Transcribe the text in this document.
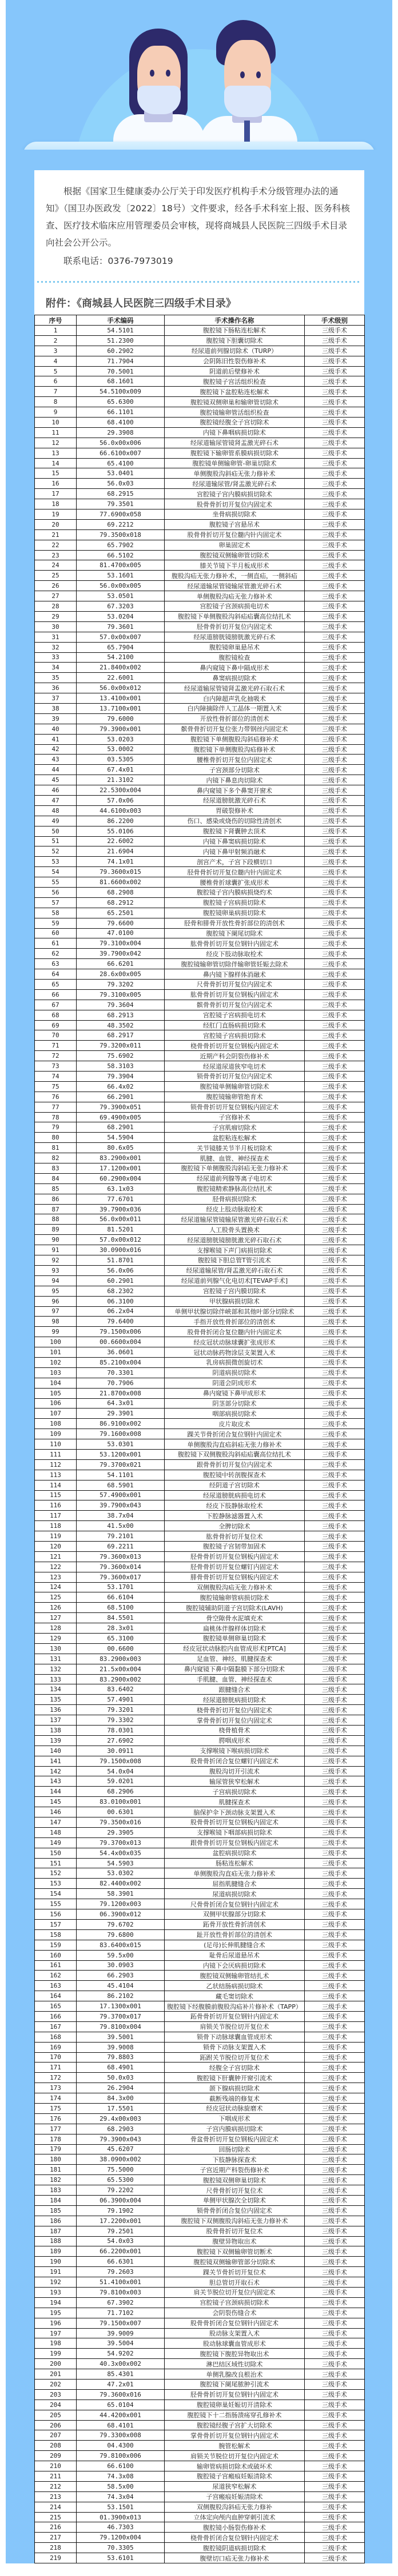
根据《国家卫生健康委办公厅关于印发医疗机构手术分级管理办法的通知》（国卫办医政发〔2022〕18号）文件要求，经各手术科室上报、医务科核查、医疗技术临床应用管理委员会审核，现将商城县人民医院三四级手术目录向社会公开公示。

联系电话：0376-7973019

附件：《商城县人民医院三四级手术目录》
序号	手术编码	手术操作名称	手术级别
1	54.5101	腹腔镜下肠粘连松解术	三级手术
2	51.2300	腹腔镜下胆囊切除术	三级手术
3	60.2902	经尿道前列腺切除术（TURP）	三级手术
4	71.7904	会阴陈旧性裂伤修补术	三级手术
5	70.5001	阴道前后壁修补术	三级手术
6	68.1601	腹腔镜子宫活组织检查	三级手术
7	54.5100x009	腹腔镜下盆腔粘连松解术	三级手术
8	65.6300	腹腔镜双侧卵巢和输卵管切除术	三级手术
9	66.1101	腹腔镜输卵管活组织检查	三级手术
10	68.4100	腹腔镜经腹全子宫切除术	三级手术
11	29.3908	内镜下鼻咽病损切除术	三级手术
12	56.0x00x006	经尿道输尿管镜肾盂激光碎石术	三级手术
13	66.6100x007	腹腔镜下输卵管系膜病损切除术	三级手术
14	65.4100	腹腔镜单侧输卵管-卵巢切除术	三级手术
15	53.0401	单侧腹股沟斜疝无张力修补术	三级手术
16	56.0x03	经尿道输尿管/肾盂激光碎石术	三级手术
17	68.2915	宫腔镜子宫内膜病损切除术	三级手术
18	79.3501	股骨骨折切开复位内固定术	三级手术
19	77.6900x058	坐骨病损切除术	三级手术
20	69.2212	腹腔镜子宫悬吊术	三级手术
21	79.3500x018	股骨骨折切开复位髓内针内固定术	三级手术
22	65.7902	卵巢固定术	三级手术
23	66.5102	腹腔镜双侧输卵管切除术	三级手术
24	81.4700x005	膝关节镜下半月板成形术	三级手术
25	53.1601	腹股沟疝无张力修补术，一侧直疝，一侧斜疝	三级手术
26	56.0x00x005	经尿道输尿管镜输尿管激光碎石术	三级手术
27	53.0501	单侧腹股沟疝无张力修补术	三级手术
28	67.3203	宫腔镜子宫颈病损电切术	三级手术
29	53.0204	腹腔镜下单侧腹股沟斜疝疝囊高位结扎术	三级手术
30	79.3601	胫骨骨折切开复位内固定术	三级手术
31	57.0x00x007	经尿道膀胱镜膀胱激光碎石术	三级手术
32	65.7904	腹腔镜卵巢悬吊术	三级手术
33	54.2100	腹腔镜检查	三级手术
34	21.8400x002	鼻内窥镜下鼻中隔成形术	三级手术
35	22.6001	鼻窦病损切除术	三级手术
36	56.0x00x012	经尿道输尿管镜肾盂激光碎石取石术	三级手术
37	13.4100x001	白内障超声乳化抽吸术	三级手术
38	13.7100x001	白内障摘除伴人工晶体一期置入术	三级手术
39	79.6000	开放性骨折部位的清创术	三级手术
40	79.3900x001	髌骨骨折切开复位张力带钢丝内固定术	三级手术
41	53.0203	腹腔镜下单侧腹股沟斜疝修补术	三级手术
42	53.0002	腹腔镜下单侧腹股沟疝修补术	三级手术
43	03.5305	腰椎骨折切开复位内固定术	三级手术
44	67.4x01	子宫颈部分切除术	三级手术
45	21.3102	内镜下鼻息肉切除术	三级手术
46	22.5300x004	鼻内窥镜下多个鼻窦开窗术	三级手术
47	57.0x06	经尿道膀胱激光碎石术	三级手术
48	44.6100x003	胃破裂修补术	三级手术
49	86.2200	伤口、感染或烧伤的切除性清创术	三级手术
50	55.0106	腹腔镜下肾囊肿去顶术	三级手术
51	22.6002	内镜下鼻窦病损切除术	三级手术
52	21.6904	内镜下鼻甲射频消融术	三级手术
53	74.1x01	剖宫产术，子宫下段横切口	三级手术
54	79.3600x015	胫骨骨折切开复位髓内针内固定术	三级手术
55	81.6600x002	腰椎骨折球囊扩张成形术	三级手术
56	68.2908	腹腔镜子宫内膜病损烧灼术	三级手术
57	68.2912	腹腔镜子宫病损切除术	三级手术
58	65.2501	腹腔镜卵巢病损切除术	三级手术
59	79.6600	胫骨和腓骨开放性骨折部位的清创术	三级手术
60	47.0100	腹腔镜下阑尾切除术	三级手术
61	79.3100x004	肱骨骨折切开复位钢针内固定术	三级手术
62	39.7900x042	经皮下肢动脉取栓术	三级手术
63	66.6201	腹腔镜输卵管切除伴输卵管妊娠去除术	三级手术
64	28.6x00x005	鼻内镜下腺样体消融术	三级手术
65	79.3202	尺骨骨折切开复位内固定术	三级手术
66	79.3100x005	肱骨骨折切开复位钢板内固定术	三级手术
67	79.3604	髌骨骨折切开复位内固定术	三级手术
68	68.2913	宫腔镜子宫病损电切术	三级手术
69	48.3502	经肛门直肠病损切除术	三级手术
70	68.2917	宫腔镜子宫病损切除术	三级手术
71	79.3200x011	桡骨骨折切开复位钢板内固定术	三级手术
72	75.6902	近期产科会阴裂伤修补术	三级手术
73	58.3103	经尿道尿道狭窄电切术	三级手术
74	79.3904	锁骨骨折切开复位内固定术	三级手术
75	66.4x02	腹腔镜单侧输卵管切除术	三级手术
76	66.2901	腹腔镜输卵管绝育术	三级手术
77	79.3900x051	锁骨骨折切开复位钢板内固定术	三级手术
78	69.4900x005	子宫修补术	三级手术
79	68.2901	子宫肌瘤切除术	三级手术
80	54.5904	盆腔粘连松解术	三级手术
81	80.6x05	关节镜膝关节半月板切除术	三级手术
82	83.2900x001	肌腱、血管、神经探查术	三级手术
83	17.1200x001	腹腔镜下单侧腹股沟斜疝无张力修补术	三级手术
84	60.2900x004	经尿道前列腺等离子电切术	三级手术
85	63.1x03	腹腔镜精索静脉高位结扎术	三级手术
86	77.6701	胫骨病损切除术	三级手术
87	39.7900x036	经皮上肢动脉取栓术	三级手术
88	56.0x00x011	经尿道输尿管镜输尿管激光碎石取石术	三级手术
89	81.5201	人工股骨头置换术	三级手术
90	57.0x00x012	经尿道膀胱镜膀胱激光碎石取石术	三级手术
91	30.0900x016	支撑喉镜下声门病损切除术	三级手术
92	51.8701	腹腔镜下胆总管T管引流术	三级手术
93	56.0x06	经尿道输尿管/肾盂激光碎石取石术	三级手术
94	60.2901	经尿道前列腺气化电切术[TEVAP手术]	三级手术
95	68.2302	宫腔镜子宫内膜切除术	三级手术
96	06.3100	甲状腺病损切除术	三级手术
97	06.2x04	单侧甲状腺切除伴峡部和其他叶部分切除术	三级手术
98	79.6400	手指开放性骨折部位的清创术	三级手术
99	79.1500x006	股骨骨折闭合复位髓内针内固定术	三级手术
100	00.6600x004	经皮冠状动脉球囊扩张成形术	三级手术
101	36.0601	冠状动脉药物涂层支架置入术	三级手术
102	85.2100x004	乳房病损微创旋切术	三级手术
103	70.3301	阴道病损切除术	三级手术
104	70.7906	阴道会阴成形术	三级手术
105	21.8700x008	鼻内窥镜下鼻甲成形术	三级手术
106	64.3x01	阴茎部分切除术	三级手术
107	29.3901	咽部病损切除术	三级手术
108	86.9100x002	皮片取皮术	三级手术
109	79.1600x008	踝关节骨折闭合复位钢针内固定术	三级手术
110	53.0301	单侧腹股沟直疝斜疝无张力修补术	三级手术
111	53.1200x001	腹腔镜下双侧腹股沟斜疝疝囊高位结扎术	三级手术
112	79.3700x021	跟骨骨折切开复位内固定术	三级手术
113	54.1101	腹腔镜中转剖腹探查术	三级手术
114	68.5901	经阴道子宫切除术	三级手术
115	57.4900x001	经尿道膀胱病损电切术	三级手术
116	39.7900x043	经皮下肢静脉取栓术	三级手术
117	38.7x04	下腔静脉滤器置入术	三级手术
118	41.5x00	全脾切除术	三级手术
119	79.2101	肱骨骨折切开复位术	三级手术
120	69.2211	腹腔镜子宫韧带加固术	三级手术
121	79.3600x013	胫骨骨折切开复位钢板内固定术	三级手术
122	79.3600x014	胫骨骨折切开复位螺钉内固定术	三级手术
123	79.3600x017	腓骨骨折切开复位钢板内固定术	三级手术
124	53.1701	双侧腹股沟疝无张力修补术	三级手术
125	66.6104	腹腔镜输卵管病损切除术	三级手术
126	68.5100	腹腔镜辅助阴道子宫切除术(LAVH)	三级手术
127	84.5501	骨空隙骨水泥填充术	三级手术
128	28.3x01	扁桃体伴腺样体切除术	三级手术
129	65.3100	腹腔镜单侧卵巢切除术	三级手术
130	00.6600	经皮冠状动脉腔内血管成形术[PTCA]	三级手术
131	83.2900x003	足血管、神经、肌腱探查术	三级手术
132	21.5x00x004	鼻内窥镜下鼻中隔黏膜下部分切除术	三级手术
133	83.2900x002	手肌腱、血管、神经探查术	三级手术
134	83.6402	跟腱缝合术	三级手术
135	57.4901	经尿道膀胱病损切除术	三级手术
136	79.3201	桡骨骨折切开复位内固定术	三级手术
137	79.3302	掌骨骨折切开复位内固定术	三级手术
138	78.0301	桡骨植骨术	三级手术
139	27.6902	腭咽成形术	三级手术
140	30.0911	支撑喉镜下喉病损切除术	三级手术
141	79.1500x008	股骨骨折闭合复位螺钉内固定术	三级手术
142	54.0x04	腹股沟切开引流术	三级手术
143	59.0201	输尿管狭窄松解术	三级手术
144	68.2906	子宫病损切除术	三级手术
145	83.0100x001	肌腱探查术	三级手术
146	00.6301	脑保护伞下颈动脉支架置入术	三级手术
147	79.3500x016	股骨骨折切开复位钢板内固定术	三级手术
148	29.3905	支撑喉镜下咽部病损切除术	三级手术
149	79.3700x013	跟骨骨折切开复位钢板内固定术	三级手术
150	54.4x00x035	盆腔病损切除术	三级手术
151	54.5903	肠粘连松解术	三级手术
152	53.0302	单侧腹股沟直疝无张力修补术	三级手术
153	82.4400x002	屈指肌腱缝合术	三级手术
154	58.3901	尿道病损切除术	三级手术
155	79.1200x003	尺骨骨折闭合复位钢针内固定术	三级手术
156	06.3900x012	双侧甲状腺部分切除术	三级手术
157	79.6702	跖骨开放性骨折清创术	三级手术
158	79.6800	趾开放性骨折部位的清创术	三级手术
159	83.6400x015	(足母)长伸肌腱缝合术	三级手术
160	59.5x00	耻骨后尿道悬吊术	三级手术
161	30.0903	内镜下会厌病损切除术	三级手术
162	66.2903	腹腔镜双侧输卵管结扎术	三级手术
163	45.4104	乙状结肠病损切除术	三级手术
164	86.2102	藏毛窦切除术	三级手术
165	17.1300x001	腹腔镜下经腹膜前腹股沟疝补片修补术（TAPP）	三级手术
166	79.3700x017	跖骨骨折切开复位钢针内固定术	三级手术
167	79.8100x004	肩锁关节脱位切开复位术	三级手术
168	39.5001	锁骨下动脉球囊血管成形术	三级手术
169	39.9008	锁骨下动脉支架置入术	三级手术
170	79.8803	跖跗关节脱位切开复位术	三级手术
171	68.4901	经腹全子宫切除术	三级手术
172	50.0x03	腹腔镜下肝囊肿开窗引流术	三级手术
173	26.2904	颌下腺病损切除术	三级手术
174	84.3x00	截断残端的修复术	三级手术
175	17.5501	经皮冠状动脉旋磨术	三级手术
176	29.4x00x003	下咽成形术	三级手术
177	68.2903	子宫内膜病损切除术	三级手术
178	79.3900x043	骨盆骨折切开复位钢板内固定术	三级手术
179	45.6207	回肠切除术	三级手术
180	38.0900x002	下肢静脉探查术	三级手术
181	75.5000	子宫近期产科裂伤修补术	三级手术
182	65.5300	腹腔镜双侧卵巢切除术	三级手术
183	79.2202	尺骨骨折切开复位术	三级手术
184	06.3900x004	单侧甲状腺次全切除术	三级手术
185	79.1902	锁骨骨折闭合复位内固定术	三级手术
186	17.2200x001	腹腔镜下双侧腹股沟斜疝无张力修补术	三级手术
187	79.2501	股骨骨折切开复位术	三级手术
188	54.0x03	腹壁异物取出术	三级手术
189	66.2200x001	腹腔镜下双侧输卵管切断术	三级手术
190	66.6301	腹腔镜双侧输卵管部分切除术	三级手术
191	79.2603	踝关节骨折切开复位术	三级手术
192	51.4100x001	胆总管切开取石术	三级手术
193	79.8100x003	肩关节脱位切开复位内固定术	三级手术
194	67.3902	宫腔镜子宫颈病损切除术	三级手术
195	71.7102	会阴裂伤缝合术	三级手术
196	79.1500x007	股骨骨折闭合复位钢针内固定术	三级手术
197	39.9009	股动脉支架置入术	三级手术
198	39.5004	股动脉球囊血管成形术	三级手术
199	54.9202	腹腔镜下腹腔异物取出术	三级手术
200	40.3x00x002	淋巴结区域性切除术	三级手术
201	85.4301	单侧乳腺改良根治术	三级手术
202	47.2x01	腹腔镜下阑尾脓肿引流术	三级手术
203	79.3600x016	胫骨骨折切开复位钢针内固定术	三级手术
204	65.0104	腹腔镜卵巢妊娠切开清除术	三级手术
205	44.4200x001	腹腔镜下十二指肠溃疡穿孔修补术	三级手术
206	68.4101	腹腔镜经腹子宫扩大切除术	三级手术
207	79.3300x008	掌骨骨折切开复位钢针内固定术	三级手术
208	04.4300	腕管松解术	三级手术
209	79.8100x006	肩锁关节脱位切开复位内固定术	三级手术
210	66.6100	输卵管病损切除术或破坏术	三级手术
211	74.3x08	腹腔镜子宫瘢痕妊娠清除术	三级手术
212	58.5x00	尿道狭窄松解术	三级手术
213	74.3x04	子宫瘢痕妊娠清除术	三级手术
214	53.1501	双侧腹股沟斜疝无张力修补	三级手术
215	01.3900x013	立体定向颅内血肿穿刺引流术	三级手术
216	46.7303	腹腔镜小肠裂伤修补术	三级手术
217	79.1200x004	桡骨骨折闭合复位钢针内固定术	三级手术
218	70.3305	腹腔镜阴道病损切除术	三级手术
219	53.6101	腹壁切口疝无张力修补术	三级手术
